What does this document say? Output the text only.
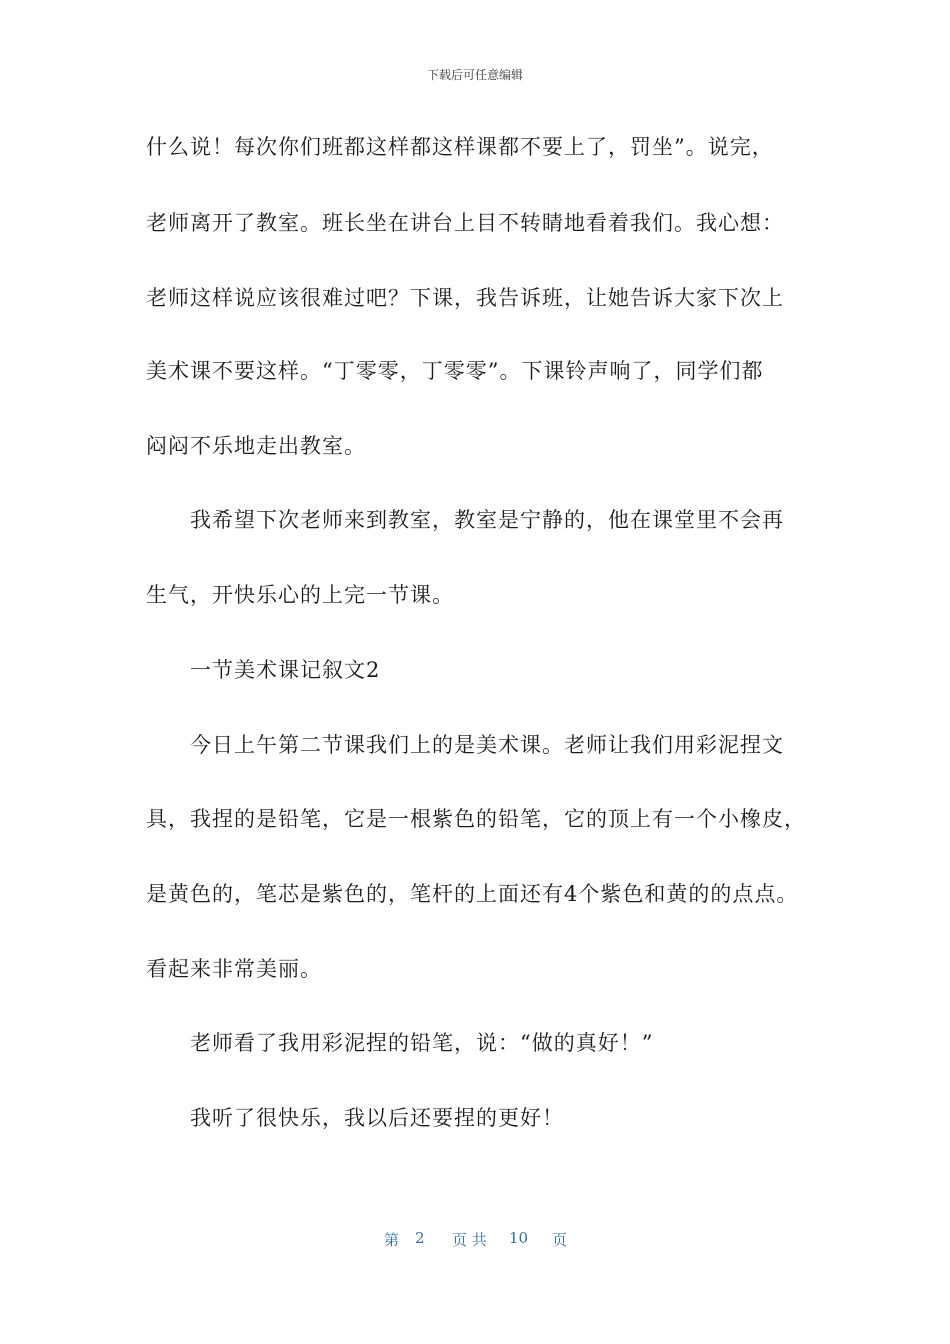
下载后可任意编辑
什么说！每次你们班都这样都这样课都不要上了，罚坐”。说完，
老师离开了教室。班长坐在讲台上目不转睛地看着我们。我心想：
老师这样说应该很难过吧？下课，我告诉班，让她告诉大家下次上
美术课不要这样。“丁零零，丁零零”。下课铃声响了，同学们都
闷闷不乐地走出教室。
我希望下次老师来到教室，教室是宁静的，他在课堂里不会再
生气，开快乐心的上完一节课。
一节美术课记叙文2
今日上午第二节课我们上的是美术课。老师让我们用彩泥捏文
具，我捏的是铅笔，它是一根紫色的铅笔，它的顶上有一个小橡皮，
是黄色的，笔芯是紫色的，笔杆的上面还有4个紫色和黄的的点点。
看起来非常美丽。
老师看了我用彩泥捏的铅笔，说：“做的真好！”
我听了很快乐，我以后还要捏的更好！
第 2 页 共 10 页
